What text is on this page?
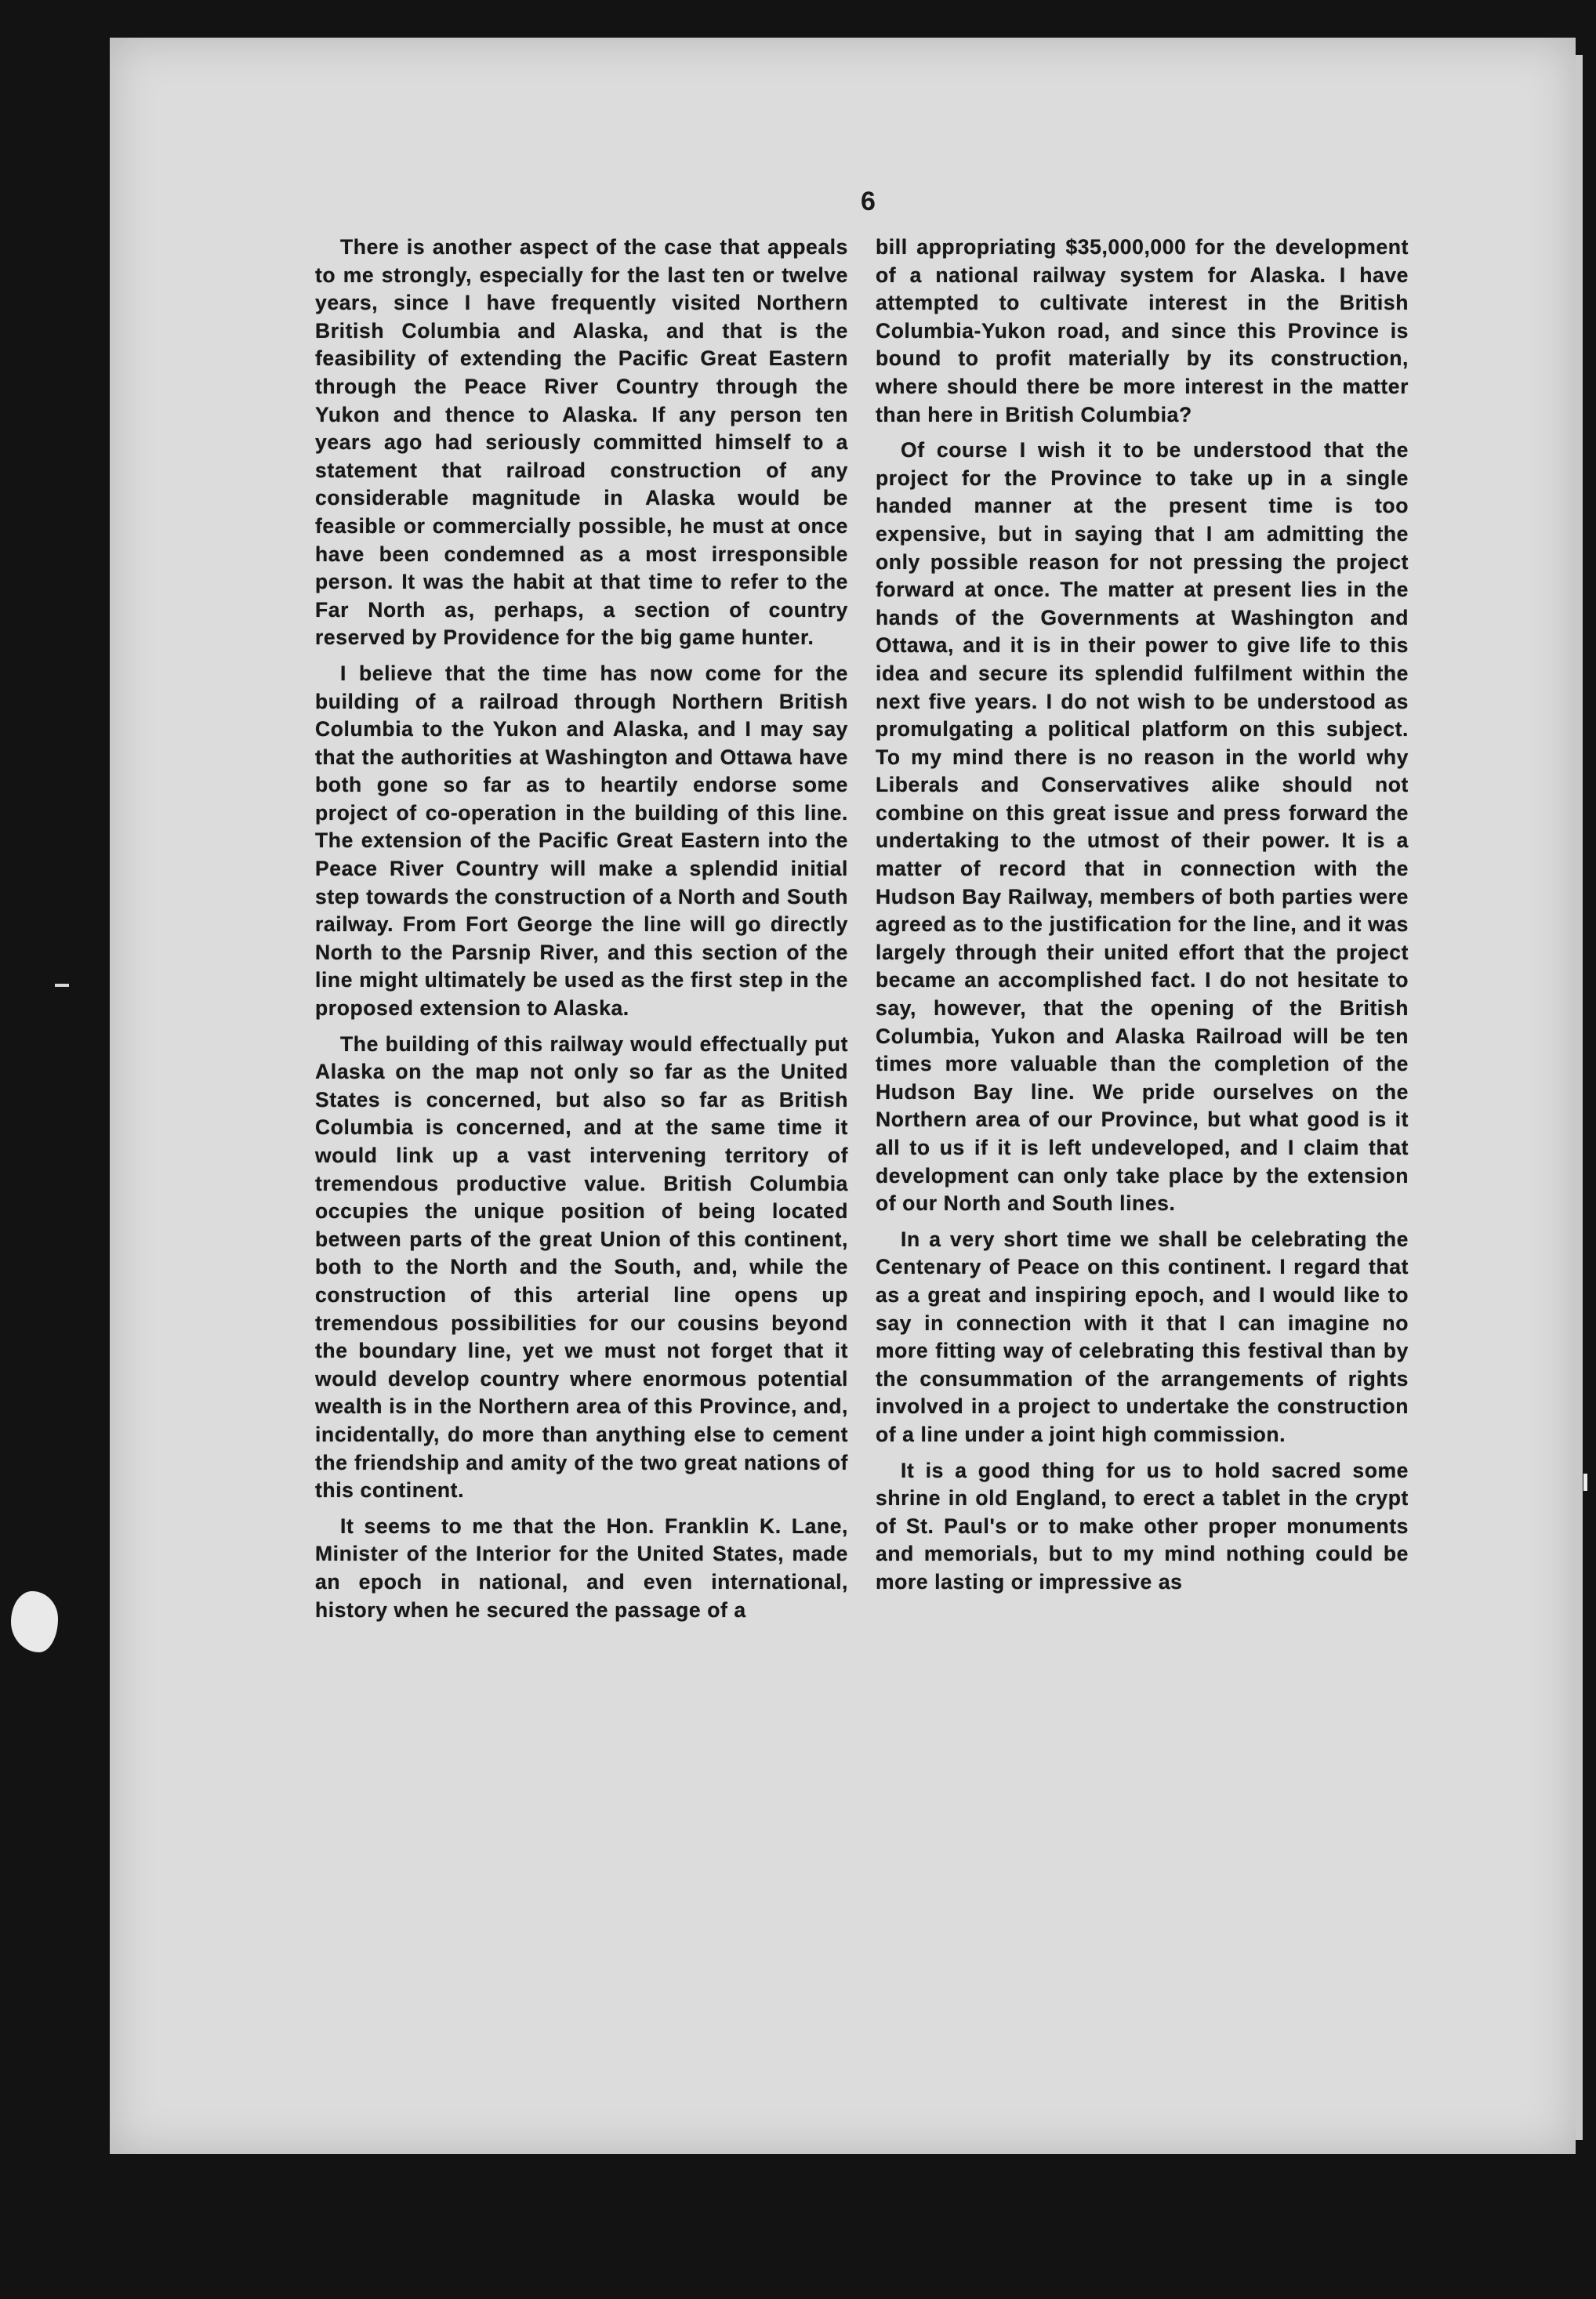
6

There is another aspect of the case that appeals to me strongly, especially for the last ten or twelve years, since I have frequently visited Northern British Columbia and Alaska, and that is the feasibility of extending the Pacific Great Eastern through the Peace River Country through the Yukon and thence to Alaska. If any person ten years ago had seriously committed himself to a statement that railroad construction of any considerable magnitude in Alaska would be feasible or commercially possible, he must at once have been condemned as a most irresponsible person. It was the habit at that time to refer to the Far North as, perhaps, a section of country reserved by Providence for the big game hunter.

I believe that the time has now come for the building of a railroad through Northern British Columbia to the Yukon and Alaska, and I may say that the authorities at Washington and Ottawa have both gone so far as to heartily endorse some project of co-operation in the building of this line. The extension of the Pacific Great Eastern into the Peace River Country will make a splendid initial step towards the construction of a North and South railway. From Fort George the line will go directly North to the Parsnip River, and this section of the line might ultimately be used as the first step in the proposed extension to Alaska.

The building of this railway would effectually put Alaska on the map not only so far as the United States is concerned, but also so far as British Columbia is concerned, and at the same time it would link up a vast intervening territory of tremendous productive value. British Columbia occupies the unique position of being located between parts of the great Union of this continent, both to the North and the South, and, while the construction of this arterial line opens up tremendous possibilities for our cousins beyond the boundary line, yet we must not forget that it would develop country where enormous potential wealth is in the Northern area of this Province, and, incidentally, do more than anything else to cement the friendship and amity of the two great nations of this continent.

It seems to me that the Hon. Franklin K. Lane, Minister of the Interior for the United States, made an epoch in national, and even international, history when he secured the passage of a

bill appropriating $35,000,000 for the development of a national railway system for Alaska. I have attempted to cultivate interest in the British Columbia-Yukon road, and since this Province is bound to profit materially by its construction, where should there be more interest in the matter than here in British Columbia?

Of course I wish it to be understood that the project for the Province to take up in a single handed manner at the present time is too expensive, but in saying that I am admitting the only possible reason for not pressing the project forward at once. The matter at present lies in the hands of the Governments at Washington and Ottawa, and it is in their power to give life to this idea and secure its splendid fulfilment within the next five years. I do not wish to be understood as promulgating a political platform on this subject. To my mind there is no reason in the world why Liberals and Conservatives alike should not combine on this great issue and press forward the undertaking to the utmost of their power. It is a matter of record that in connection with the Hudson Bay Railway, members of both parties were agreed as to the justification for the line, and it was largely through their united effort that the project became an accomplished fact. I do not hesitate to say, however, that the opening of the British Columbia, Yukon and Alaska Railroad will be ten times more valuable than the completion of the Hudson Bay line. We pride ourselves on the Northern area of our Province, but what good is it all to us if it is left undeveloped, and I claim that development can only take place by the extension of our North and South lines.

In a very short time we shall be celebrating the Centenary of Peace on this continent. I regard that as a great and inspiring epoch, and I would like to say in connection with it that I can imagine no more fitting way of celebrating this festival than by the consummation of the arrangements of rights involved in a project to undertake the construction of a line under a joint high commission.

It is a good thing for us to hold sacred some shrine in old England, to erect a tablet in the crypt of St. Paul's or to make other proper monuments and memorials, but to my mind nothing could be more lasting or impressive as
